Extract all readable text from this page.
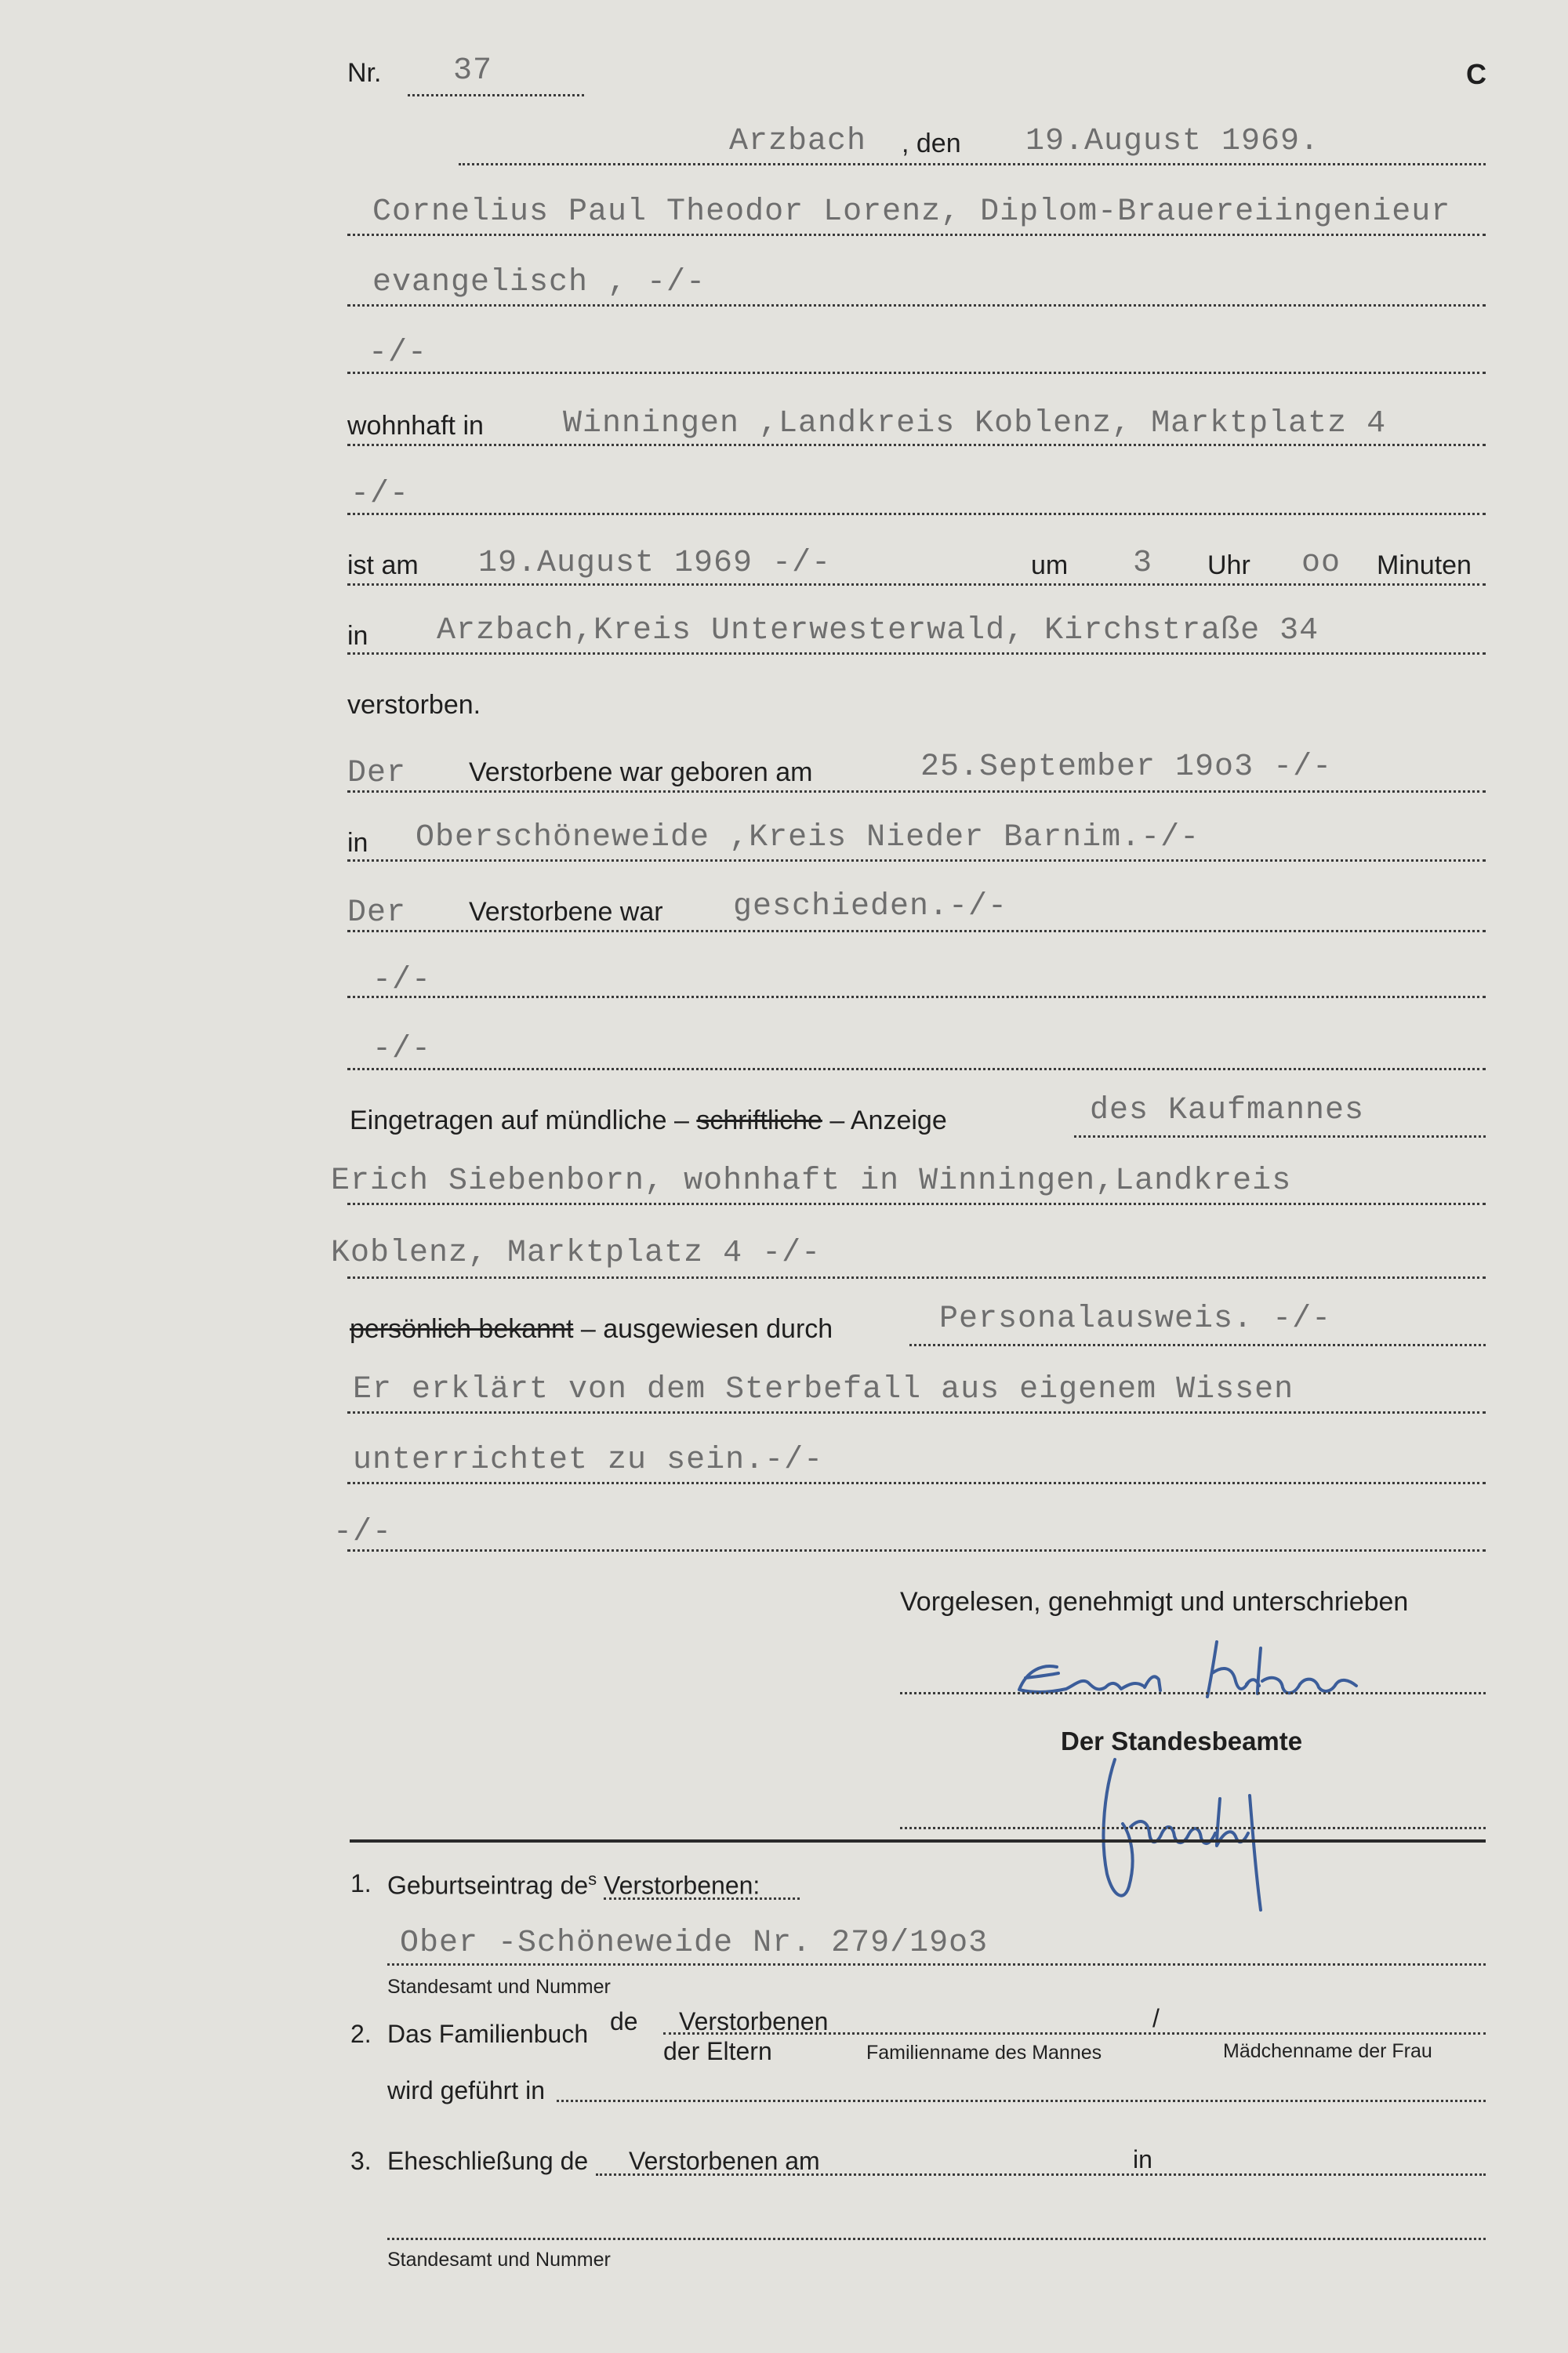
Nr. 37	C
Arzbach , den 19.August 1969.
Cornelius Paul Theodor Lorenz, Diplom-Brauereiingenieur
evangelisch , -/-
-/-
wohnhaft in	Winningen ,Landkreis Koblenz, Marktplatz 4
-/-
ist am 19.August 1969 -/-	um 3 Uhr oo Minuten
in Arzbach,Kreis Unterwesterwald, Kirchstraße 34
verstorben.
Der Verstorbene war geboren am	25.September 19o3 -/-
in Oberschöneweide ,Kreis Nieder Barnim.-/-
Der Verstorbene war geschieden.-/-
-/-
-/-
Eingetragen auf mündliche – schriftliche – Anzeige	des Kaufmannes
Erich Siebenborn, wohnhaft in Winningen,Landkreis
Koblenz, Marktplatz 4 -/-
persönlich bekannt – ausgewiesen durch	Personalausweis. -/-
Er erklärt von dem Sterbefall aus eigenem Wissen
unterrichtet zu sein.-/-
-/-
Vorgelesen, genehmigt und unterschrieben
Der Standesbeamte
1. Geburtseintrag $de^s$ Verstorbenen:
Ober -Schöneweide Nr. 279/19o3
Standesamt und Nummer
2. Das Familienbuch de Verstorbenen
der Eltern
/
Familienname des Mannes	Mädchenname der Frau
wird geführt in
3. Eheschließung de Verstorbenen am	in
Standesamt und Nummer
